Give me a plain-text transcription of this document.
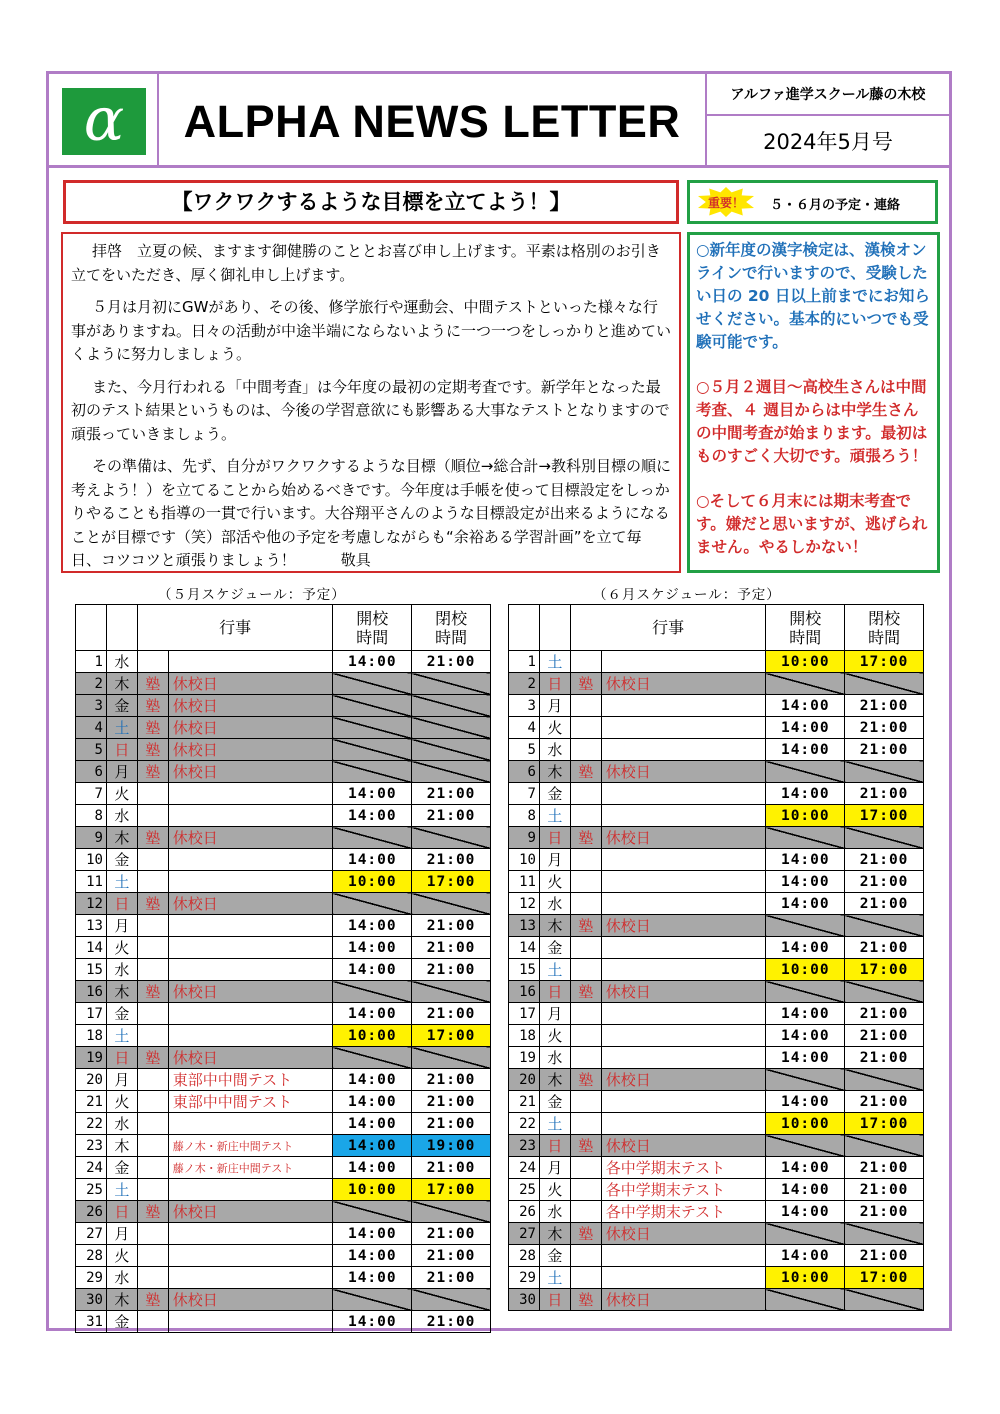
α	ALPHA NEWS LETTER
アルファ進学スクール藤の木校
2024年5月号
【ワクワクするような目標を立てよう！】

拝啓　立夏の候、ますます御健勝のこととお喜び申し上げます。平素は格別のお引き立てをいただき、厚く御礼申し上げます。

５月は月初にGWがあり、その後、修学旅行や運動会、中間テストといった様々な行事がありますね。日々の活動が中途半端にならないように一つ一つをしっかりと進めていくように努力しましょう。

また、今月行われる「中間考査」は今年度の最初の定期考査です。新学年となった最初のテスト結果というものは、今後の学習意欲にも影響ある大事なテストとなりますので頑張っていきましょう。

その準備は、先ず、自分がワクワクするような目標（順位→総合計→教科別目標の順に考えよう！）を立てることから始めるべきです。今年度は手帳を使って目標設定をしっかりやることも指導の一貫で行います。大谷翔平さんのような目標設定が出来るようになることが目標です（笑）部活や他の予定を考慮しながらも“余裕ある学習計画”を立て毎日、コツコツと頑張りましょう！　　　敬具

重要！	５・６月の予定・連絡

○新年度の漢字検定は、漢検オンラインで行いますので、受験したい日の 20 日以上前までにお知らせください。基本的にいつでも受験可能です。

○５月２週目～高校生さんは中間考査、４ 週目からは中学生さんの中間考査が始まります。最初はものすごく大切です。頑張ろう！

○そして６月末には期末考査です。嫌だと思いますが、逃げられません。やるしかない！

（５月スケジュール：予定）	（６月スケジュール：予定）
		行事		開校時間	閉校時間
1	水			14:00	21:00
2	木	塾	休校日		
3	金	塾	休校日		
4	土	塾	休校日		
5	日	塾	休校日		
6	月	塾	休校日		
7	火			14:00	21:00
8	水			14:00	21:00
9	木	塾	休校日		
10	金			14:00	21:00
11	土			10:00	17:00
12	日	塾	休校日		
13	月			14:00	21:00
14	火			14:00	21:00
15	水			14:00	21:00
16	木	塾	休校日		
17	金			14:00	21:00
18	土			10:00	17:00
19	日	塾	休校日		
20	月		東部中中間テスト	14:00	21:00
21	火		東部中中間テスト	14:00	21:00
22	水			14:00	21:00
23	木		藤ノ木・新庄中間テスト	14:00	19:00
24	金		藤ノ木・新庄中間テスト	14:00	21:00
25	土			10:00	17:00
26	日	塾	休校日		
27	月			14:00	21:00
28	火			14:00	21:00
29	水			14:00	21:00
30	木	塾	休校日		
31	金			14:00	21:00
		行事		開校時間	閉校時間
1	土			10:00	17:00
2	日	塾	休校日		
3	月			14:00	21:00
4	火			14:00	21:00
5	水			14:00	21:00
6	木	塾	休校日		
7	金			14:00	21:00
8	土			10:00	17:00
9	日	塾	休校日		
10	月			14:00	21:00
11	火			14:00	21:00
12	水			14:00	21:00
13	木	塾	休校日		
14	金			14:00	21:00
15	土			10:00	17:00
16	日	塾	休校日		
17	月			14:00	21:00
18	火			14:00	21:00
19	水			14:00	21:00
20	木	塾	休校日		
21	金			14:00	21:00
22	土			10:00	17:00
23	日	塾	休校日		
24	月		各中学期末テスト	14:00	21:00
25	火		各中学期末テスト	14:00	21:00
26	水		各中学期末テスト	14:00	21:00
27	木	塾	休校日		
28	金			14:00	21:00
29	土			10:00	17:00
30	日	塾	休校日		
